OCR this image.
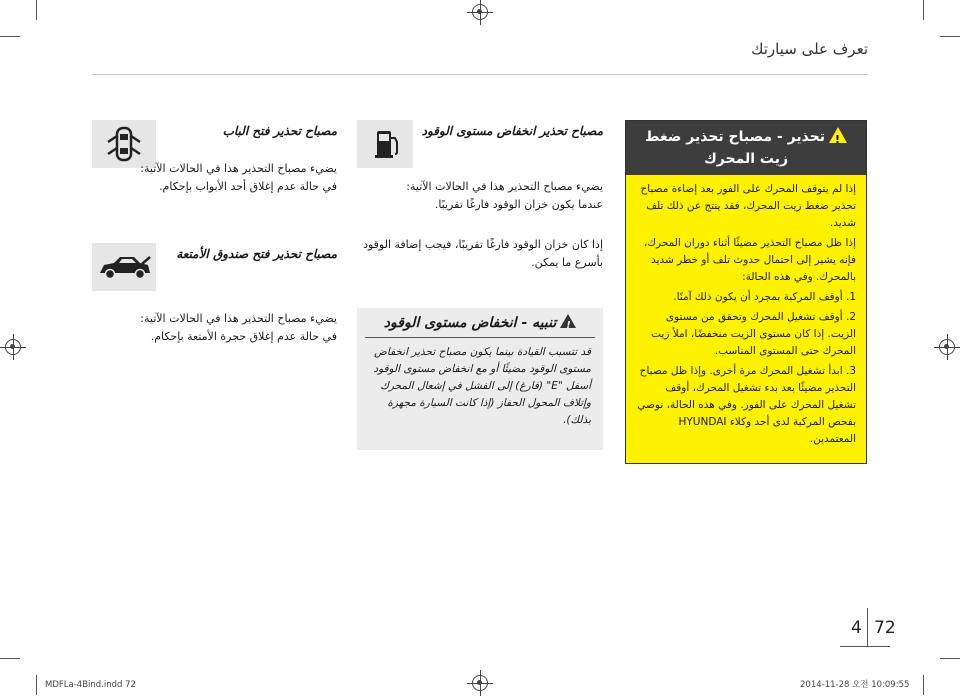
تعرف على سيارتك
!تحذير - مصباح تحذير ضغط زيت المحرك

إذا لم يتوقف المحرك على الفور بعد إضاءة مصباح تحذير ضغط زيت المحرك، فقد ينتج عن ذلك تلف شديد.

إذا ظل مصباح التحذير مضيئًا أثناء دوران المحرك، فإنه يشير إلى احتمال حدوث تلف أو خطر شديد بالمحرك. وفي هذه الحالة:

1. أوقف المركبة بمجرد أن يكون ذلك آمنًا.

2. أوقف تشغيل المحرك وتحقق من مستوى الزيت. إذا كان مستوى الزيت منخفضًا، املأ زيت المحرك حتى المستوى المناسب.

3. ابدأ تشغيل المحرك مرة أخرى. وإذا ظل مصباح التحذير مضيئًا بعد بدء تشغيل المحرك، أوقف تشغيل المحرك على الفور. وفي هذه الحالة، نوصي بفحص المركبة لدى أحد وكلاء HYUNDAI المعتمدين.

مصباح تحذير انخفاض مستوى الوقود
يضيء مصباح التحذير هذا في الحالات الآتية:
عندما يكون خزان الوقود فارغًا تقريبًا.
إذا كان خزان الوقود فارغًا تقريبًا، فيجب إضافة الوقود بأسرع ما يمكن.
!تنبيه - انخفاض مستوى الوقود
قد تتسبب القيادة بينما يكون مصباح تحذير انخفاض مستوى الوقود مضيئًا أو مع انخفاض مستوى الوقود أسفل "E" (فارغ) إلى الفشل في إشعال المحرك وإتلاف المحول الحفاز (إذا كانت السيارة مجهزة بذلك).
مصباح تحذير فتح الباب
يضيء مصباح التحذير هذا في الحالات الآتية:
في حالة عدم إغلاق أحد الأبواب بإحكام.
مصباح تحذير فتح صندوق الأمتعة
يضيء مصباح التحذير هذا في الحالات الآتية:
في حالة عدم إغلاق حجرة الأمتعة بإحكام.
4 72
MDFLa-4Bind.indd 72	2014-11-28 오전 10:09:55
